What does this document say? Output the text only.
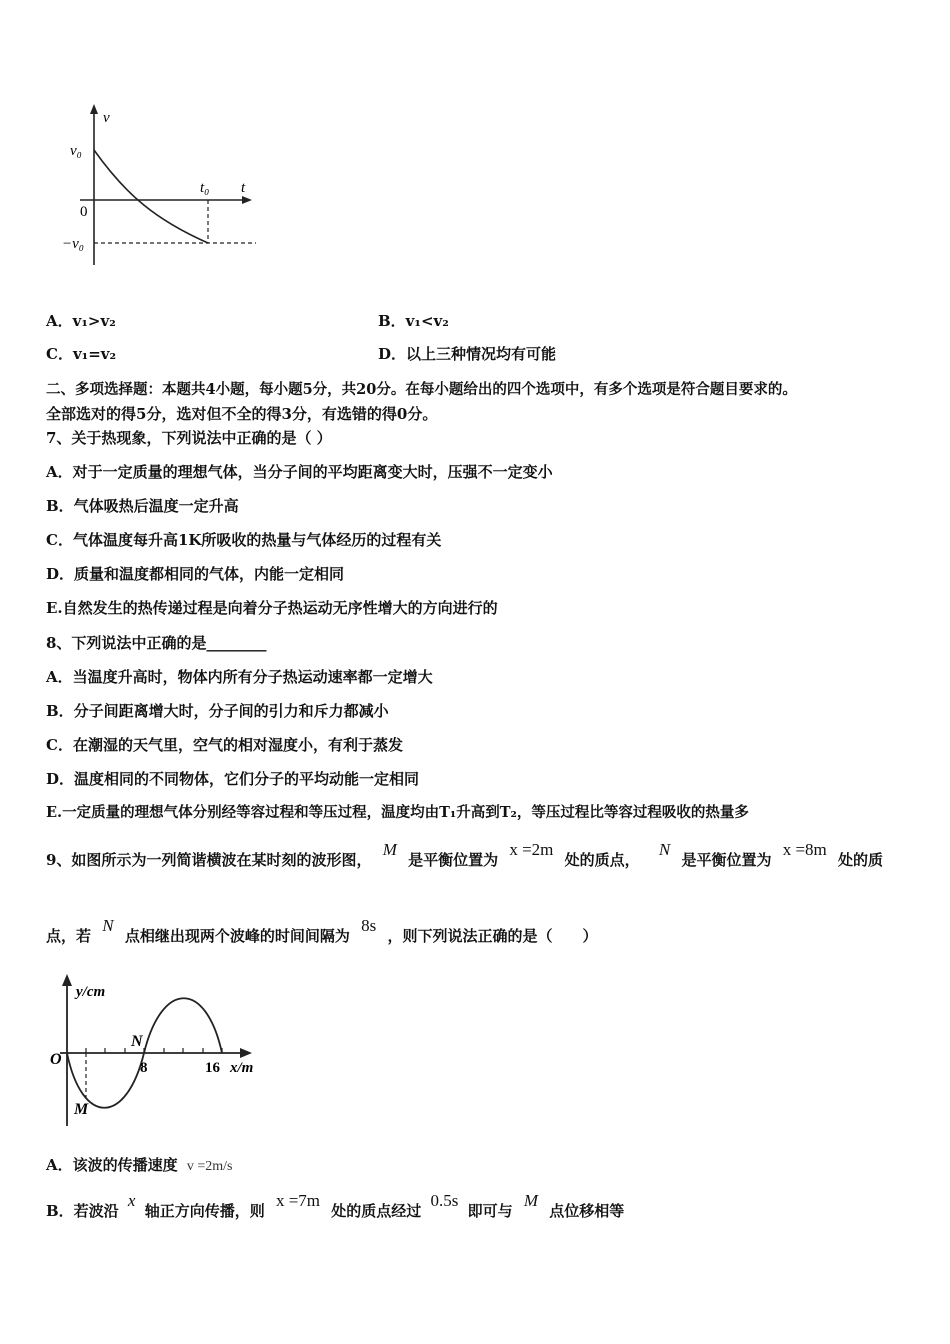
v
t
v₀
t₀
0
−v₀
A．v₁>v₂	B．v₁<v₂
C．v₁=v₂	D．以上三种情况均有可能
二、多项选择题：本题共4小题，每小题5分，共20分。在每小题给出的四个选项中，有多个选项是符合题目要求的。
全部选对的得5分，选对但不全的得3分，有选错的得0分。
7、关于热现象，下列说法中正确的是（ ）
A．对于一定质量的理想气体，当分子间的平均距离变大时，压强不一定变小
B．气体吸热后温度一定升高
C．气体温度每升高1K所吸收的热量与气体经历的过程有关
D．质量和温度都相同的气体，内能一定相同
E.自然发生的热传递过程是向着分子热运动无序性增大的方向进行的
8、下列说法中正确的是________
A．当温度升高时，物体内所有分子热运动速率都一定增大
B．分子间距离增大时，分子间的引力和斥力都减小
C．在潮湿的天气里，空气的相对湿度小，有利于蒸发
D．温度相同的不同物体，它们分子的平均动能一定相同
E.一定质量的理想气体分别经等容过程和等压过程，温度均由T₁升高到T₂，等压过程比等容过程吸收的热量多
9、如图所示为一列简谐横波在某时刻的波形图， M 是平衡位置为 x =2m 处的质点， N 是平衡位置为 x =8m 处的质
点，若 N 点相继出现两个波峰的时间间隔为 8s ，则下列说法正确的是（　　）
y/cm
x/m
O	8	16
N
M
A．该波的传播速度 v =2m/s
B．若波沿 x 轴正方向传播，则 x =7m 处的质点经过 0.5s 即可与 M 点位移相等
